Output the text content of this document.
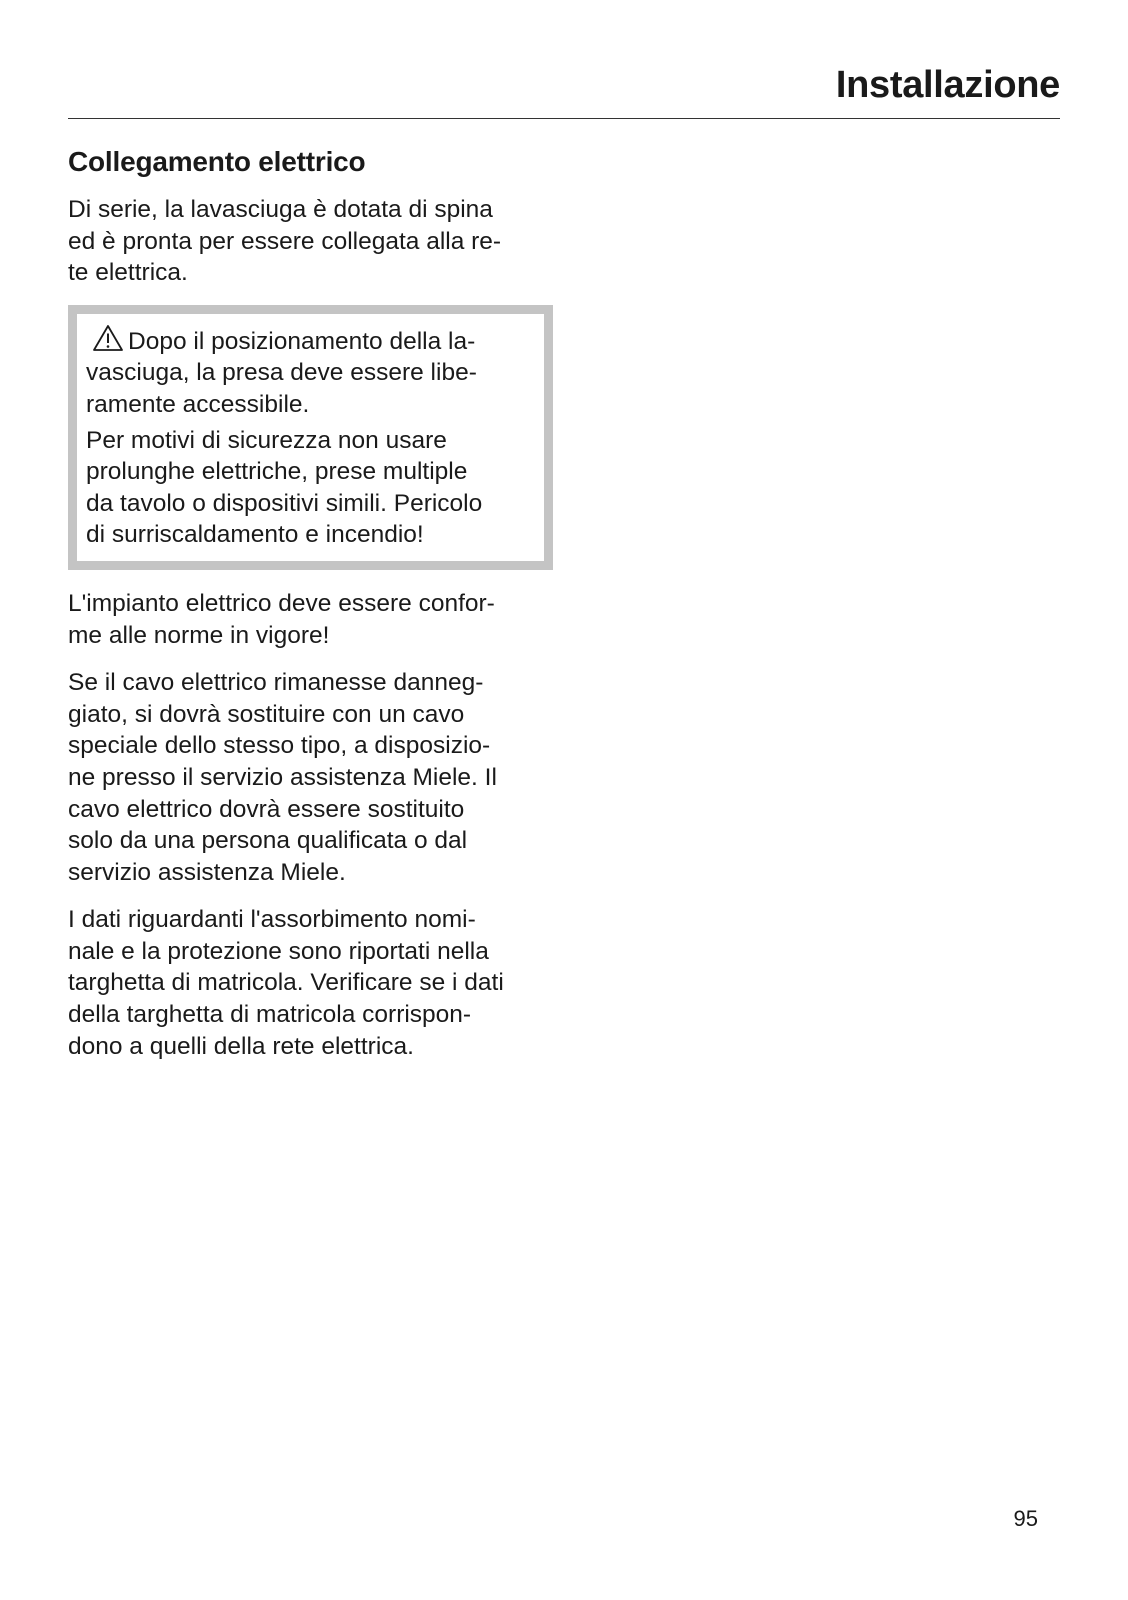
Installazione
Collegamento elettrico

Di serie, la lavasciuga è dotata di spina
ed è pronta per essere collegata alla re-
te elettrica.

Dopo il posizionamento della la-
vasciuga, la presa deve essere libe-
ramente accessibile.

Per motivi di sicurezza non usare
prolunghe elettriche, prese multiple
da tavolo o dispositivi simili. Pericolo
di surriscaldamento e incendio!

L'impianto elettrico deve essere confor-
me alle norme in vigore!

Se il cavo elettrico rimanesse danneg-
giato, si dovrà sostituire con un cavo
speciale dello stesso tipo, a disposizio-
ne presso il servizio assistenza Miele. Il
cavo elettrico dovrà essere sostituito
solo da una persona qualificata o dal
servizio assistenza Miele.

I dati riguardanti l'assorbimento nomi-
nale e la protezione sono riportati nella
targhetta di matricola. Verificare se i dati
della targhetta di matricola corrispon-
dono a quelli della rete elettrica.

95
